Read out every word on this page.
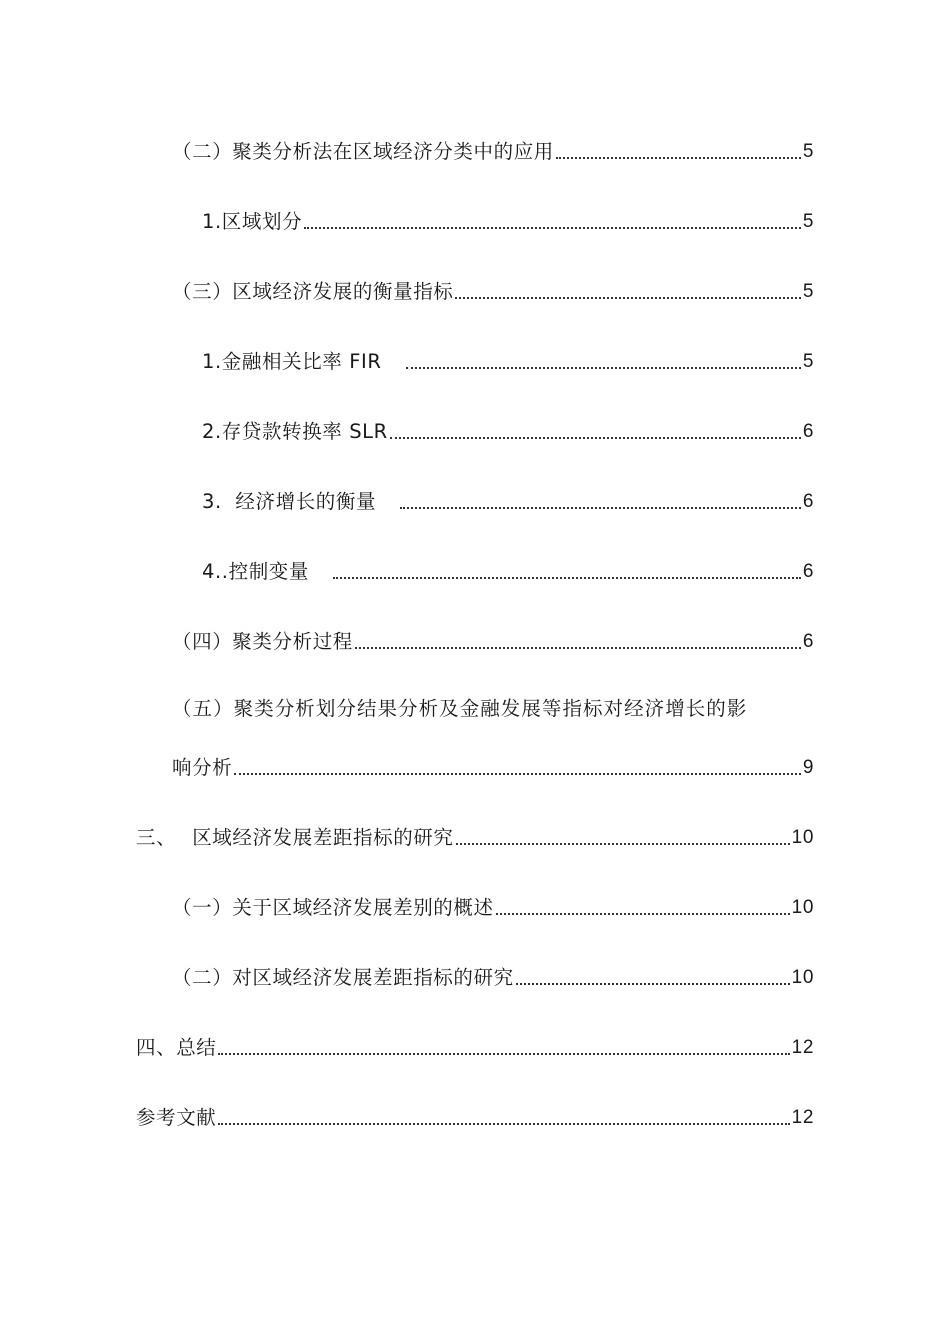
（二）聚类分析法在区域经济分类中的应用	5
1.区域划分	5
（三）区域经济发展的衡量指标	5
1.金融相关比率 FIR	5
2.存贷款转换率 SLR	6
3.  经济增长的衡量	6
4..控制变量	6
（四）聚类分析过程	6
（五）聚类分析划分结果分析及金融发展等指标对经济增长的影
响分析	9
三、 区域经济发展差距指标的研究	10
（一）关于区域经济发展差别的概述	10
（二）对区域经济发展差距指标的研究	10
四、总结	12
参考文献	12
